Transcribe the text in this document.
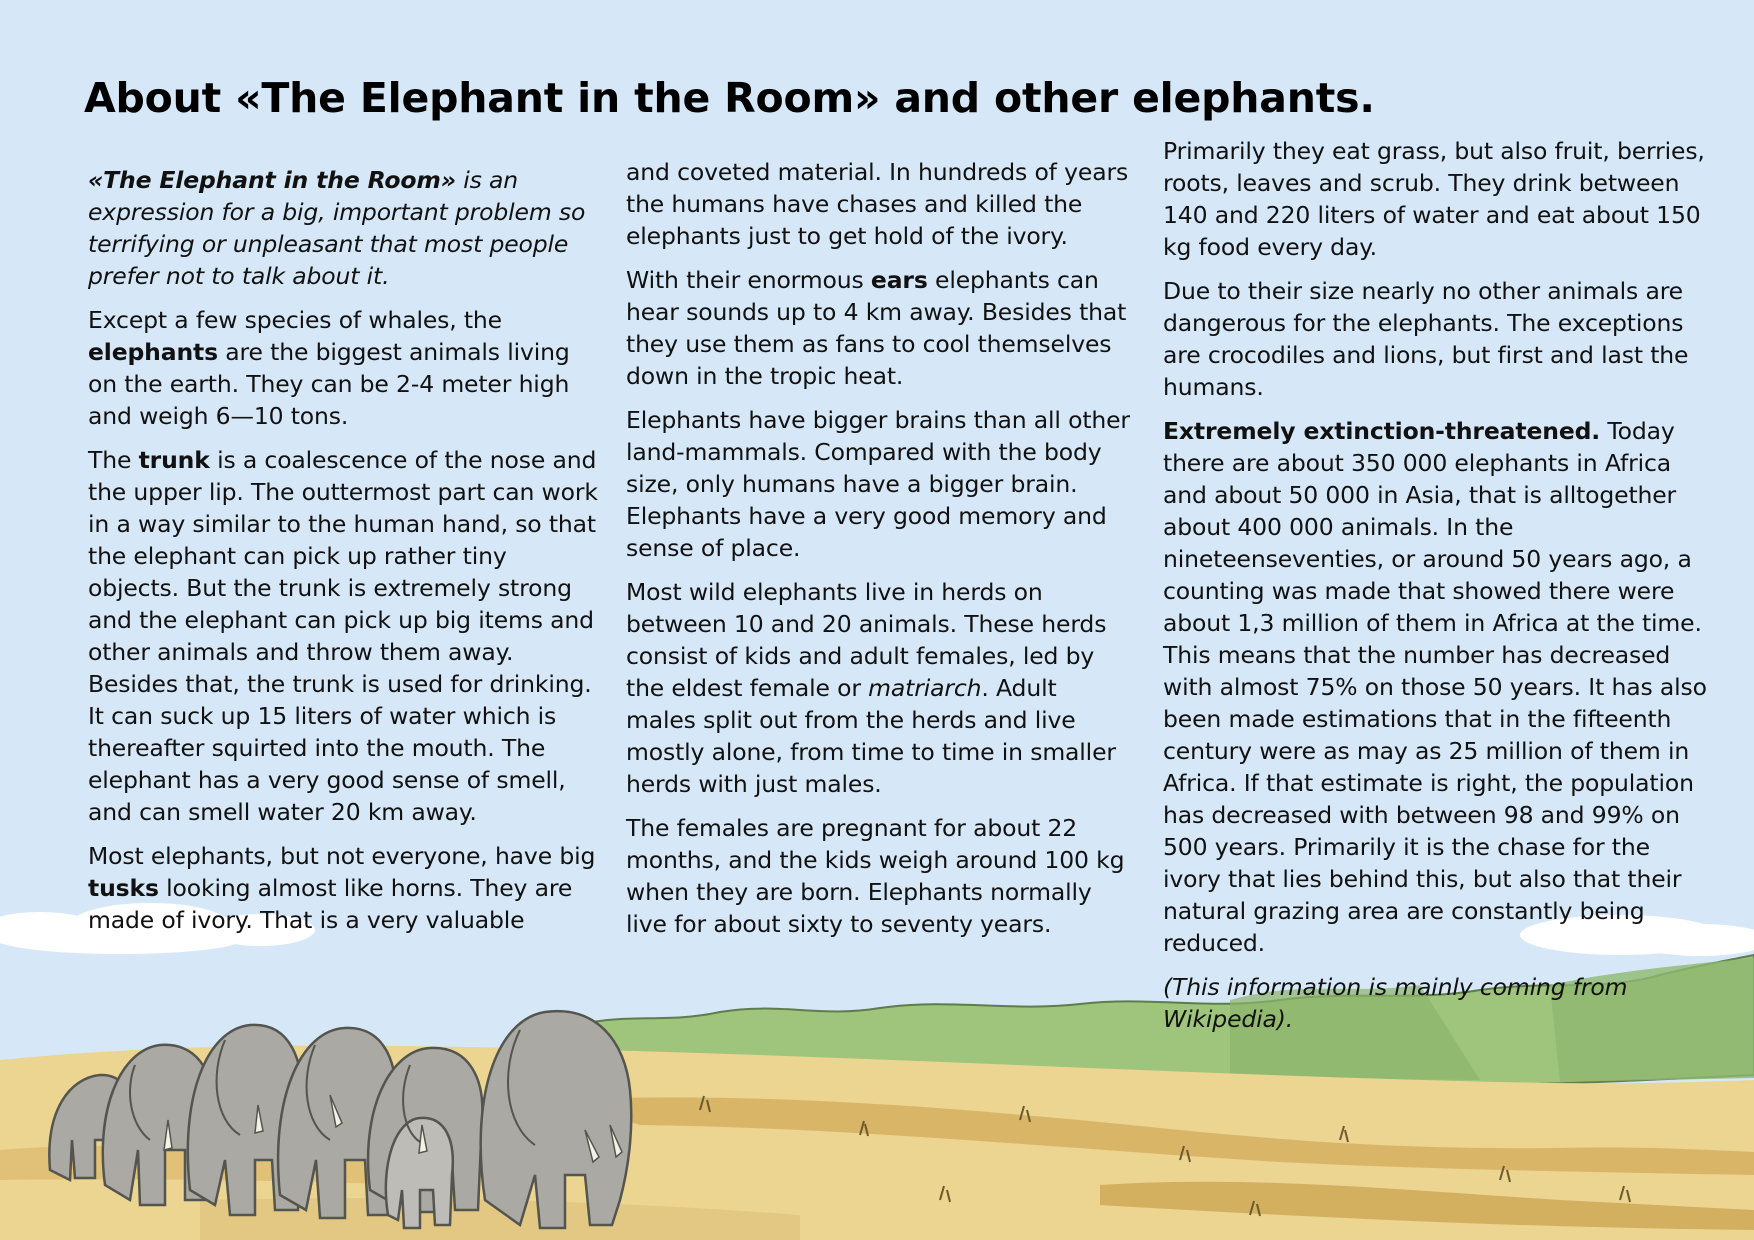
About «The Elephant in the Room» and other elephants.

«The Elephant in the Room» is an expression for a big, important problem so terrifying or unpleasant that most people prefer not to talk about it.

Except a few species of whales, the elephants are the biggest animals living on the earth. They can be 2-4 meter high and weigh 6—10 tons.

The trunk is a coalescence of the nose and the upper lip. The outtermost part can work in a way similar to the human hand, so that the elephant can pick up rather tiny objects. But the trunk is extremely strong and the elephant can pick up big items and other animals and throw them away. Besides that, the trunk is used for drinking. It can suck up 15 liters of water which is thereafter squirted into the mouth. The elephant has a very good sense of smell, and can smell water 20 km away.

Most elephants, but not everyone, have big tusks looking almost like horns. They are made of ivory. That is a very valuable

and coveted material. In hundreds of years the humans have chases and killed the elephants just to get hold of the ivory.

With their enormous ears elephants can hear sounds up to 4 km away. Besides that they use them as fans to cool themselves down in the tropic heat.

Elephants have bigger brains than all other land-mammals. Compared with the body size, only humans have a bigger brain. Elephants have a very good memory and sense of place.

Most wild elephants live in herds on between 10 and 20 animals. These herds consist of kids and adult females, led by the eldest female or matriarch. Adult males split out from the herds and live mostly alone, from time to time in smaller herds with just males.

The females are pregnant for about 22 months, and the kids weigh around 100 kg when they are born. Elephants normally live for about sixty to seventy years.

Primarily they eat grass, but also fruit, berries, roots, leaves and scrub. They drink between 140 and 220 liters of water and eat about 150 kg food every day.

Due to their size nearly no other animals are dangerous for the elephants. The exceptions are crocodiles and lions, but first and last the humans.

Extremely extinction-threatened. Today there are about 350 000 elephants in Africa and about 50 000 in Asia, that is alltogether about 400 000 animals. In the nineteenseventies, or around 50 years ago, a counting was made that showed there were about 1,3 million of them in Africa at the time. This means that the number has decreased with almost 75% on those 50 years. It has also been made estimations that in the fifteenth century were as may as 25 million of them in Africa. If that estimate is right, the population has decreased with between 98 and 99% on 500 years. Primarily it is the chase for the ivory that lies behind this, but also that their natural grazing area are constantly being reduced.

(This information is mainly coming from Wikipedia).
